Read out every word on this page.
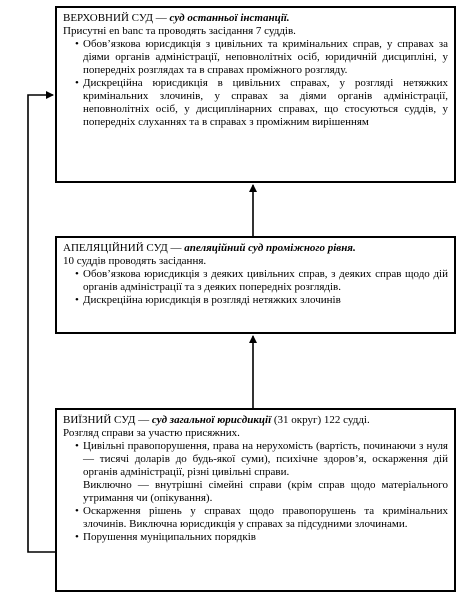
ВЕРХОВНИЙ СУД — суд останньої інстанції.

Присутні en banc та проводять засідання 7 суддів.

• Обов’язкова юрисдикція з цивільних та кримінальних справ, у справах за діями органів адміністрації, неповнолітніх осіб, юридичній дисципліні, у попередніх розглядах та в справах проміжного розгляду.
• Дискреційна юрисдикція в цивільних справах, у розгляді нетяжких кримінальних злочинів, у справах за діями органів адміністрації, неповнолітніх осіб, у дисциплінарних справах, що стосуються суддів, у попередніх слуханнях та в справах з проміжним вирішенням

АПЕЛЯЦІЙНИЙ СУД — апеляційний суд проміжного рівня.

10 суддів проводять засідання.

• Обов’язкова юрисдикція з деяких цивільних справ, з деяких справ щодо дій органів адміністрації та з деяких попередніх розглядів.
• Дискреційна юрисдикція в розгляді нетяжких злочинів

ВИЇЗНИЙ СУД — суд загальної юрисдикції (31 округ) 122 судді.

Розгляд справи за участю присяжних.

• Цивільні правопорушення, права на нерухомість (вартість, починаючи з нуля — тисячі доларів до будь-якої суми), психічне здоров’я, оскарження дій органів адміністрації, різні цивільні справи.

Виключно — внутрішні сімейні справи (крім справ щодо матеріального утримання чи (опікування).

• Оскарження рішень у справах щодо правопорушень та кримінальних злочинів. Виключна юрисдикція у справах за підсудними злочинами.
• Порушення муніципальних порядків
